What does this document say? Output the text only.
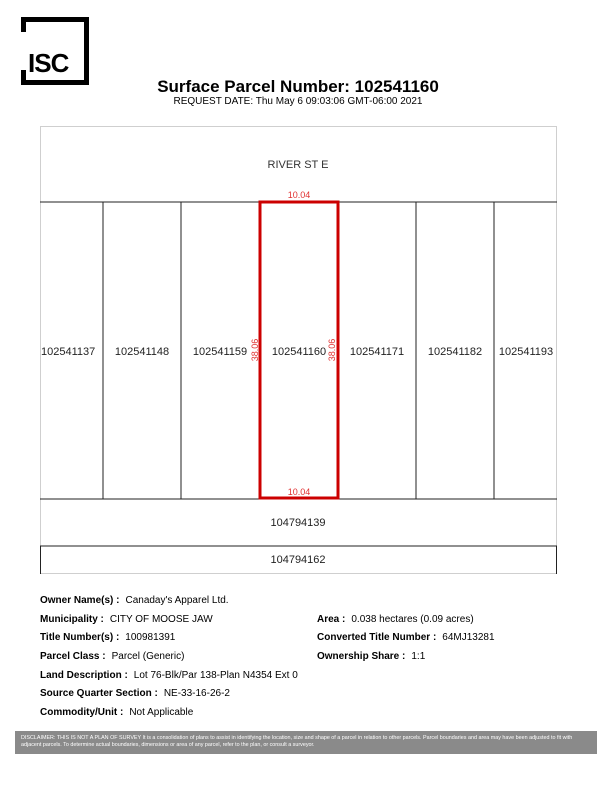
ISC
Surface Parcel Number: 102541160
REQUEST DATE: Thu May 6 09:03:06 GMT-06:00 2021
RIVER ST E
102541137 102541148 102541159 102541160 102541171 102541182 102541193
104794139
104794162
10.04
10.04
38.06	38.06
Owner Name(s) : Canaday's Apparel Ltd.
Municipality : CITY OF MOOSE JAW
Title Number(s) : 100981391
Parcel Class : Parcel (Generic)
Land Description : Lot 76-Blk/Par 138-Plan N4354 Ext 0
Source Quarter Section : NE-33-16-26-2
Commodity/Unit : Not Applicable
Area : 0.038 hectares (0.09 acres)
Converted Title Number : 64MJ13281
Ownership Share : 1:1
DISCLAIMER: THIS IS NOT A PLAN OF SURVEY It is a consolidation of plans to assist in identifying the location, size and shape of a parcel in relation to other parcels. Parcel boundaries and area may have been adjusted to fit with adjacent parcels. To determine actual boundaries, dimensions or area of any parcel, refer to the plan, or consult a surveyor.
